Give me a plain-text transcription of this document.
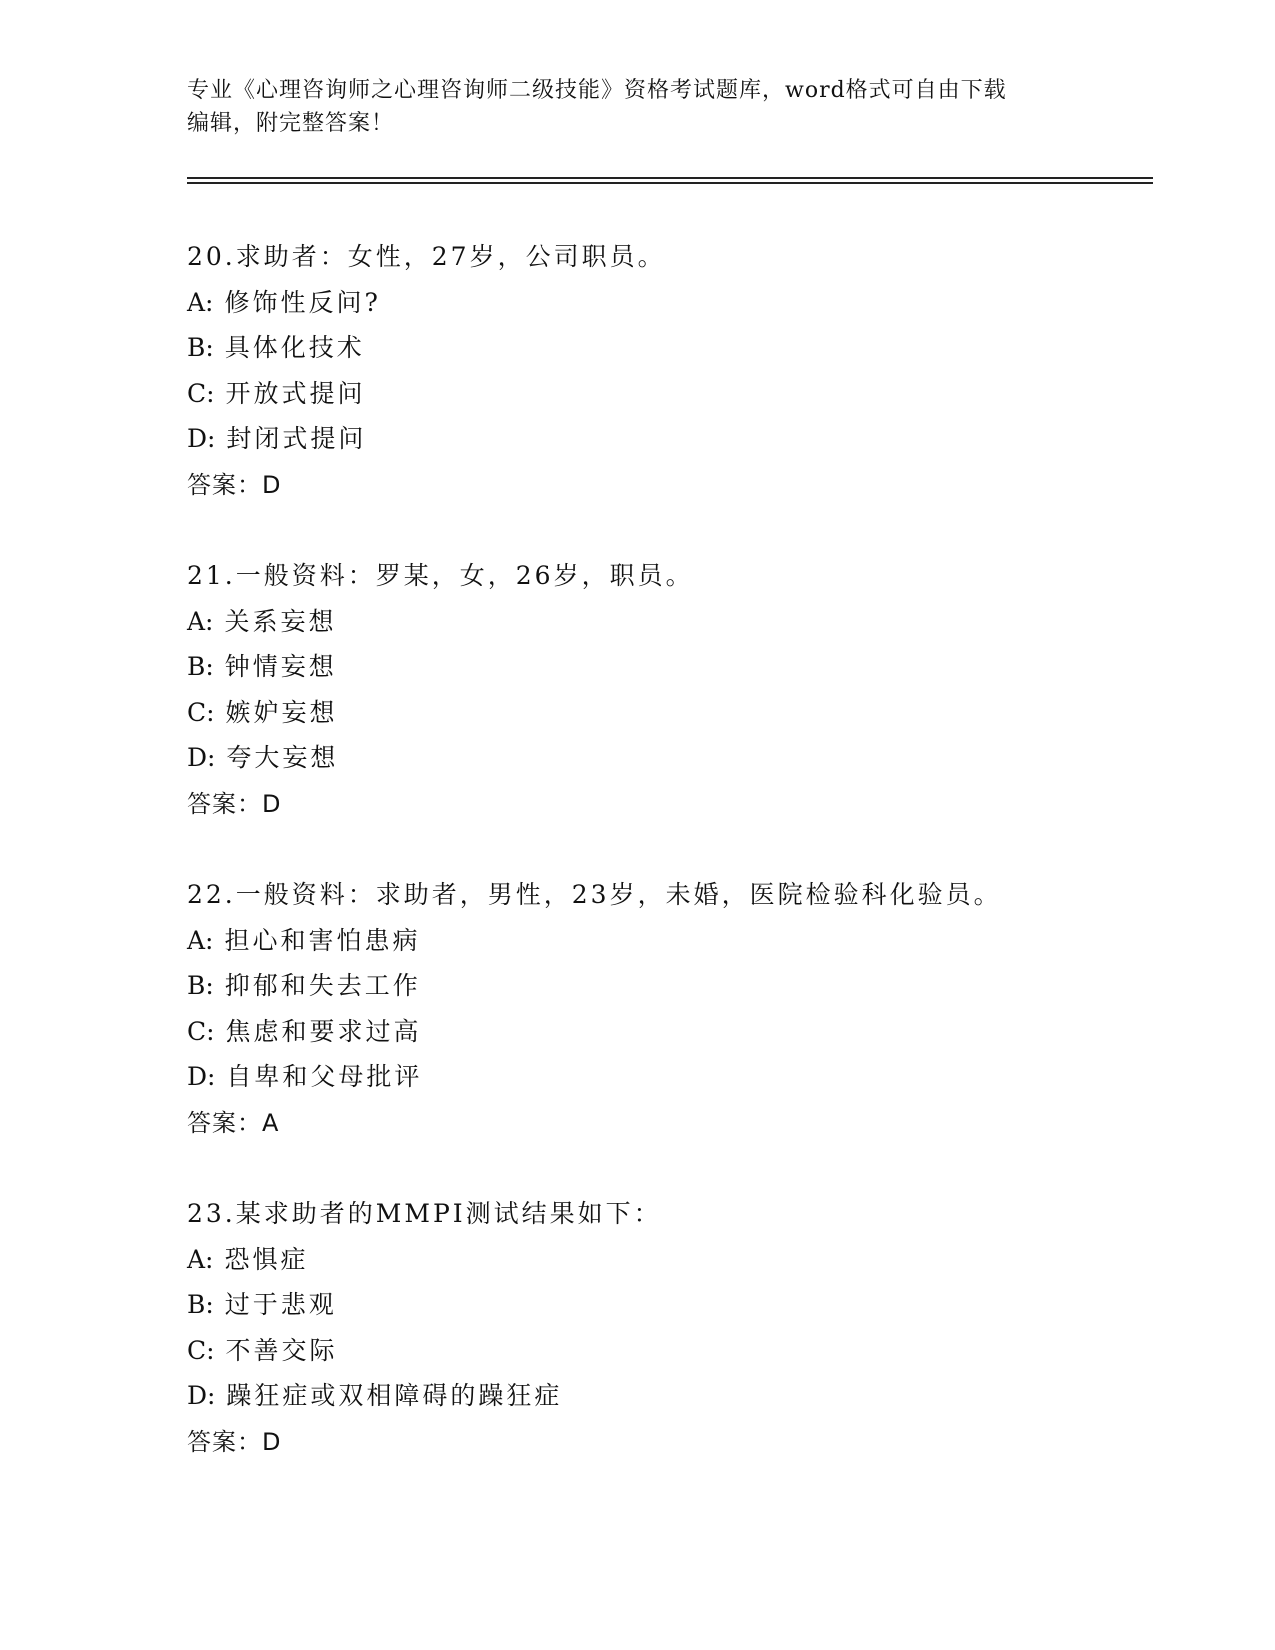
专业《心理咨询师之心理咨询师二级技能》资格考试题库，word格式可自由下载
编辑，附完整答案！
20.求助者：女性，27岁，公司职员。
A: 修饰性反问?
B: 具体化技术
C: 开放式提问
D: 封闭式提问
答案：D
21.一般资料：罗某，女，26岁，职员。
A: 关系妄想
B: 钟情妄想
C: 嫉妒妄想
D: 夸大妄想
答案：D
22.一般资料：求助者，男性，23岁，未婚，医院检验科化验员。
A: 担心和害怕患病
B: 抑郁和失去工作
C: 焦虑和要求过高
D: 自卑和父母批评
答案：A
23.某求助者的MMPI测试结果如下：
A: 恐惧症
B: 过于悲观
C: 不善交际
D: 躁狂症或双相障碍的躁狂症
答案：D
